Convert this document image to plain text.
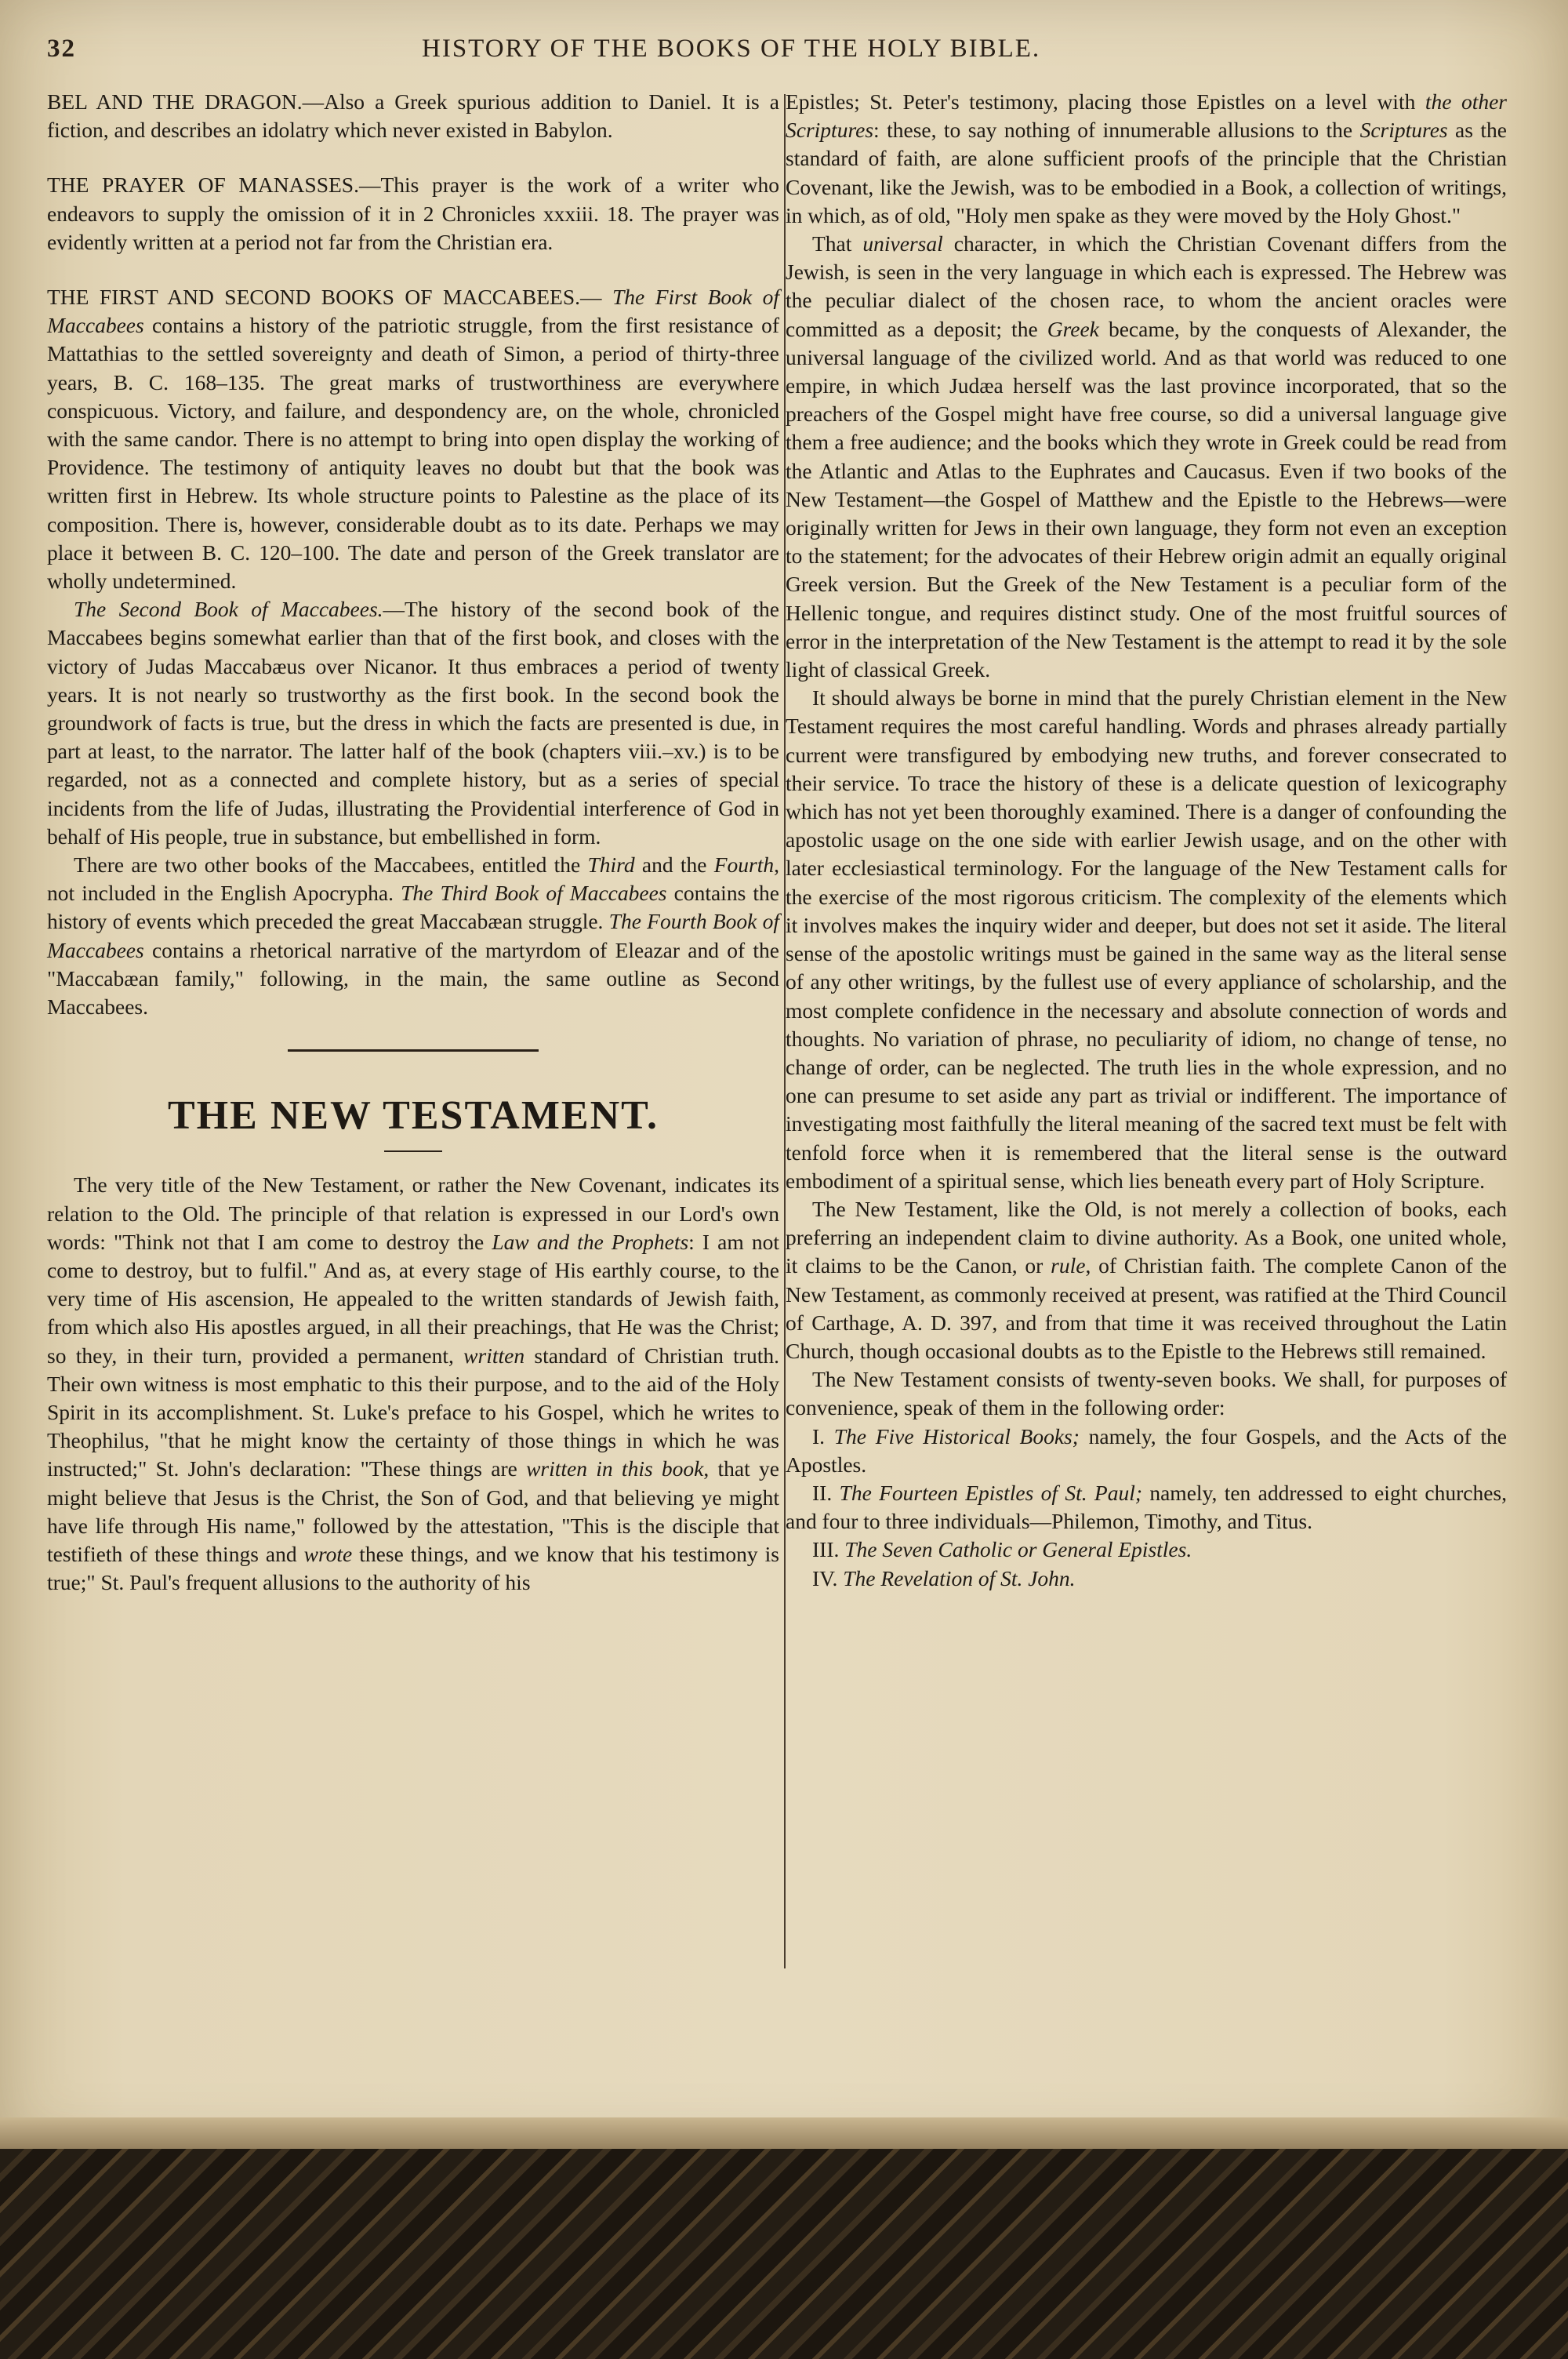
32	HISTORY OF THE BOOKS OF THE HOLY BIBLE.

BEL AND THE DRAGON.—Also a Greek spurious addition to Daniel. It is a fiction, and describes an idolatry which never existed in Babylon.

THE PRAYER OF MANASSES.—This prayer is the work of a writer who endeavors to supply the omission of it in 2 Chronicles xxxiii. 18. The prayer was evidently written at a period not far from the Christian era.

THE FIRST AND SECOND BOOKS OF MACCABEES.— The First Book of Maccabees contains a history of the patriotic struggle, from the first resistance of Mattathias to the settled sovereignty and death of Simon, a period of thirty-three years, B. C. 168–135. The great marks of trustworthiness are everywhere conspicuous. Victory, and failure, and despondency are, on the whole, chronicled with the same candor. There is no attempt to bring into open display the working of Providence. The testimony of antiquity leaves no doubt but that the book was written first in Hebrew. Its whole structure points to Palestine as the place of its composition. There is, however, considerable doubt as to its date. Perhaps we may place it between B. C. 120–100. The date and person of the Greek translator are wholly undetermined.

The Second Book of Maccabees.—The history of the second book of the Maccabees begins somewhat earlier than that of the first book, and closes with the victory of Judas Maccabæus over Nicanor. It thus embraces a period of twenty years. It is not nearly so trustworthy as the first book. In the second book the groundwork of facts is true, but the dress in which the facts are presented is due, in part at least, to the narrator. The latter half of the book (chapters viii.–xv.) is to be regarded, not as a connected and complete history, but as a series of special incidents from the life of Judas, illustrating the Providential interference of God in behalf of His people, true in substance, but embellished in form.

There are two other books of the Maccabees, entitled the Third and the Fourth, not included in the English Apocrypha. The Third Book of Maccabees contains the history of events which preceded the great Maccabæan struggle. The Fourth Book of Maccabees contains a rhetorical narrative of the martyrdom of Eleazar and of the "Maccabæan family," following, in the main, the same outline as Second Maccabees.

THE NEW TESTAMENT.

The very title of the New Testament, or rather the New Covenant, indicates its relation to the Old. The principle of that relation is expressed in our Lord's own words: "Think not that I am come to destroy the Law and the Prophets: I am not come to destroy, but to fulfil." And as, at every stage of His earthly course, to the very time of His ascension, He appealed to the written standards of Jewish faith, from which also His apostles argued, in all their preachings, that He was the Christ; so they, in their turn, provided a permanent, written standard of Christian truth. Their own witness is most emphatic to this their purpose, and to the aid of the Holy Spirit in its accomplishment. St. Luke's preface to his Gospel, which he writes to Theophilus, "that he might know the certainty of those things in which he was instructed;" St. John's declaration: "These things are written in this book, that ye might believe that Jesus is the Christ, the Son of God, and that believing ye might have life through His name," followed by the attestation, "This is the disciple that testifieth of these things and wrote these things, and we know that his testimony is true;" St. Paul's frequent allusions to the authority of his

Epistles; St. Peter's testimony, placing those Epistles on a level with the other Scriptures: these, to say nothing of innumerable allusions to the Scriptures as the standard of faith, are alone sufficient proofs of the principle that the Christian Covenant, like the Jewish, was to be embodied in a Book, a collection of writings, in which, as of old, "Holy men spake as they were moved by the Holy Ghost."

That universal character, in which the Christian Covenant differs from the Jewish, is seen in the very language in which each is expressed. The Hebrew was the peculiar dialect of the chosen race, to whom the ancient oracles were committed as a deposit; the Greek became, by the conquests of Alexander, the universal language of the civilized world. And as that world was reduced to one empire, in which Judæa herself was the last province incorporated, that so the preachers of the Gospel might have free course, so did a universal language give them a free audience; and the books which they wrote in Greek could be read from the Atlantic and Atlas to the Euphrates and Caucasus. Even if two books of the New Testament—the Gospel of Matthew and the Epistle to the Hebrews—were originally written for Jews in their own language, they form not even an exception to the statement; for the advocates of their Hebrew origin admit an equally original Greek version. But the Greek of the New Testament is a peculiar form of the Hellenic tongue, and requires distinct study. One of the most fruitful sources of error in the interpretation of the New Testament is the attempt to read it by the sole light of classical Greek.

It should always be borne in mind that the purely Christian element in the New Testament requires the most careful handling. Words and phrases already partially current were transfigured by embodying new truths, and forever consecrated to their service. To trace the history of these is a delicate question of lexicography which has not yet been thoroughly examined. There is a danger of confounding the apostolic usage on the one side with earlier Jewish usage, and on the other with later ecclesiastical terminology. For the language of the New Testament calls for the exercise of the most rigorous criticism. The complexity of the elements which it involves makes the inquiry wider and deeper, but does not set it aside. The literal sense of the apostolic writings must be gained in the same way as the literal sense of any other writings, by the fullest use of every appliance of scholarship, and the most complete confidence in the necessary and absolute connection of words and thoughts. No variation of phrase, no peculiarity of idiom, no change of tense, no change of order, can be neglected. The truth lies in the whole expression, and no one can presume to set aside any part as trivial or indifferent. The importance of investigating most faithfully the literal meaning of the sacred text must be felt with tenfold force when it is remembered that the literal sense is the outward embodiment of a spiritual sense, which lies beneath every part of Holy Scripture.

The New Testament, like the Old, is not merely a collection of books, each preferring an independent claim to divine authority. As a Book, one united whole, it claims to be the Canon, or rule, of Christian faith. The complete Canon of the New Testament, as commonly received at present, was ratified at the Third Council of Carthage, A. D. 397, and from that time it was received throughout the Latin Church, though occasional doubts as to the Epistle to the Hebrews still remained.

The New Testament consists of twenty-seven books. We shall, for purposes of convenience, speak of them in the following order:

I. The Five Historical Books; namely, the four Gospels, and the Acts of the Apostles.

II. The Fourteen Epistles of St. Paul; namely, ten addressed to eight churches, and four to three individuals—Philemon, Timothy, and Titus.

III. The Seven Catholic or General Epistles.

IV. The Revelation of St. John.
